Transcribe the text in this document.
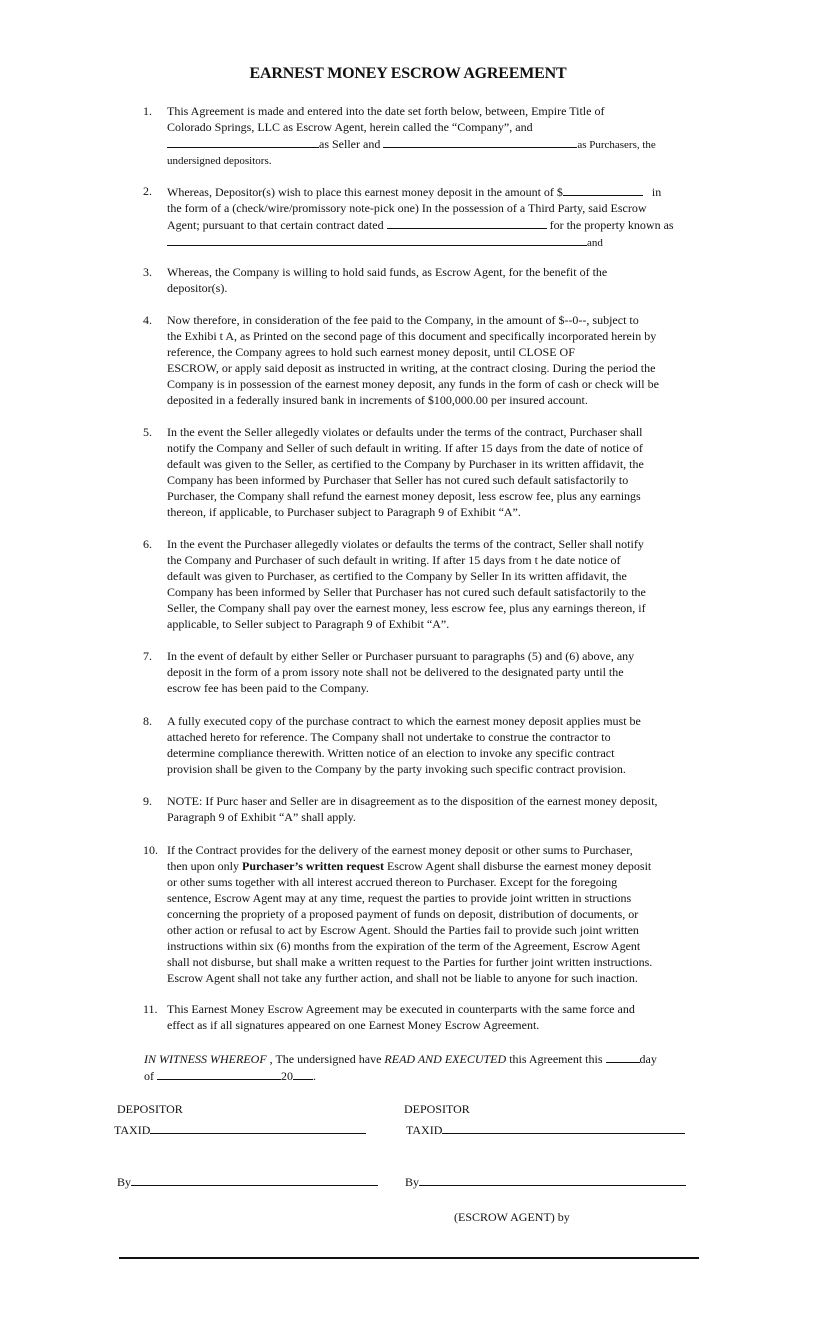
EARNEST MONEY ESCROW AGREEMENT
1.	This Agreement is made and entered into the date set forth below, between, Empire Title of

Colorado Springs, LLC as Escrow Agent, herein called the “Company”, and

as Seller and	as Purchasers, the

undersigned depositors.

2.	Whereas, Depositor(s) wish to place this earnest money deposit in the amount of $	in

the form of a (check/wire/promissory note-pick one) In the possession of a Third Party, said Escrow

Agent; pursuant to that certain contract dated	for the property known as

and

3.	Whereas, the Company is willing to hold said funds, as Escrow Agent, for the benefit of the

depositor(s).

4.	Now therefore, in consideration of the fee paid to the Company, in the amount of $--0--, subject to

the Exhibi t A, as Printed on the second page of this document and specifically incorporated herein by

reference, the Company agrees to hold such earnest money deposit, until CLOSE OF

ESCROW, or apply said deposit as instructed in writing, at the contract closing. During the period the

Company is in possession of the earnest money deposit, any funds in the form of cash or check will be

deposited in a federally insured bank in increments of $100,000.00 per insured account.

5.	In the event the Seller allegedly violates or defaults under the terms of the contract, Purchaser shall

notify the Company and Seller of such default in writing. If after 15 days from the date of notice of

default was given to the Seller, as certified to the Company by Purchaser in its written affidavit, the

Company has been informed by Purchaser that Seller has not cured such default satisfactorily to

Purchaser, the Company shall refund the earnest money deposit, less escrow fee, plus any earnings

thereon, if applicable, to Purchaser subject to Paragraph 9 of Exhibit “A”.

6.	In the event the Purchaser allegedly violates or defaults the terms of the contract, Seller shall notify

the Company and Purchaser of such default in writing. If after 15 days from t he date notice of

default was given to Purchaser, as certified to the Company by Seller In its written affidavit, the

Company has been informed by Seller that Purchaser has not cured such default satisfactorily to the

Seller, the Company shall pay over the earnest money, less escrow fee, plus any earnings thereon, if

applicable, to Seller subject to Paragraph 9 of Exhibit “A”.

7.	In the event of default by either Seller or Purchaser pursuant to paragraphs (5) and (6) above, any

deposit in the form of a prom issory note shall not be delivered to the designated party until the

escrow fee has been paid to the Company.

8.	A fully executed copy of the purchase contract to which the earnest money deposit applies must be

attached hereto for reference. The Company shall not undertake to construe the contractor to

determine compliance therewith. Written notice of an election to invoke any specific contract

provision shall be given to the Company by the party invoking such specific contract provision.

9.	NOTE: If Purc haser and Seller are in disagreement as to the disposition of the earnest money deposit,

Paragraph 9 of Exhibit “A” shall apply.

10. If the Contract provides for the delivery of the earnest money deposit or other sums to Purchaser,

then upon only Purchaser’s written request Escrow Agent shall disburse the earnest money deposit

or other sums together with all interest accrued thereon to Purchaser. Except for the foregoing

sentence, Escrow Agent may at any time, request the parties to provide joint written in structions

concerning the propriety of a proposed payment of funds on deposit, distribution of documents, or

other action or refusal to act by Escrow Agent. Should the Parties fail to provide such joint written

instructions within six (6) months from the expiration of the term of the Agreement, Escrow Agent

shall not disburse, but shall make a written request to the Parties for further joint written instructions.

Escrow Agent shall not take any further action, and shall not be liable to anyone for such inaction.

11. This Earnest Money Escrow Agreement may be executed in counterparts with the same force and

effect as if all signatures appeared on one Earnest Money Escrow Agreement.

IN WITNESS WHEREOF , The undersigned have READ AND EXECUTED this Agreement this	day

of	20 .

DEPOSITOR
TAXID
DEPOSITOR
TAXID
By	By
(ESCROW AGENT) by
